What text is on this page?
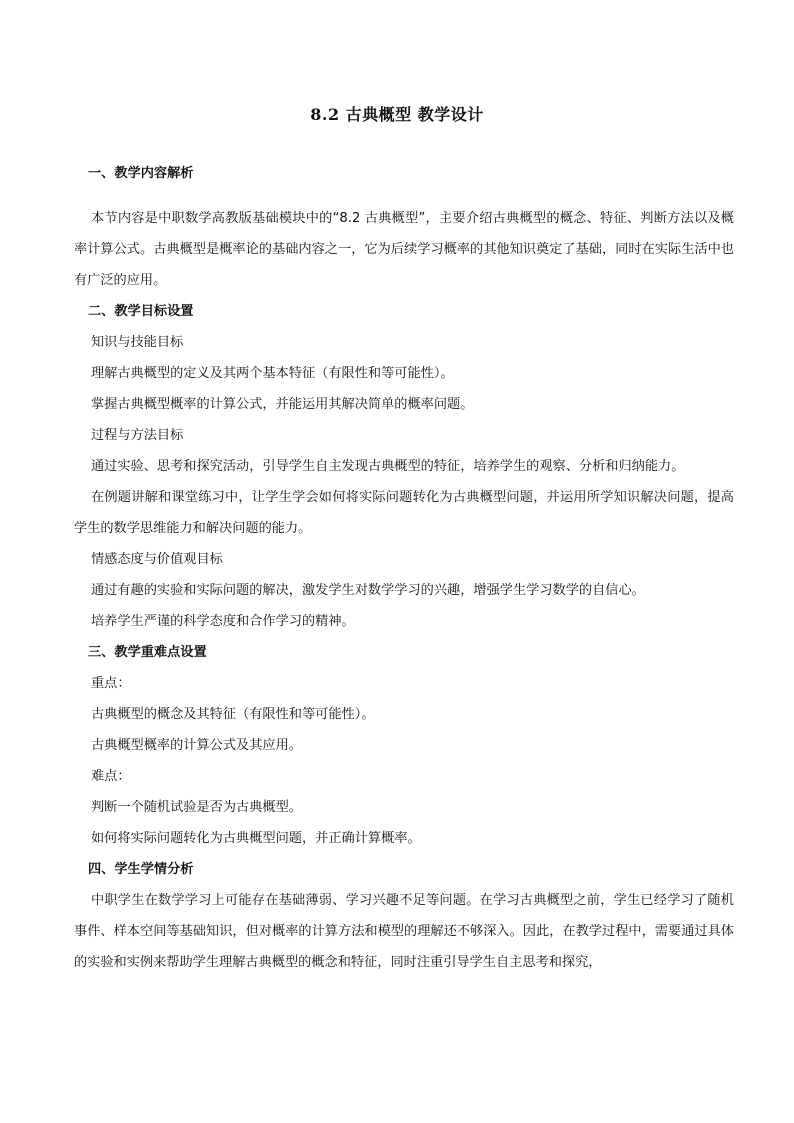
8.2 古典概型 教学设计
一、教学内容解析
本节内容是中职数学高教版基础模块中的“8.2 古典概型”，主要介绍古典概型的概念、特征、判断方法以及概率计算公式。古典概型是概率论的基础内容之一，它为后续学习概率的其他知识奠定了基础，同时在实际生活中也有广泛的应用。
二、教学目标设置
知识与技能目标
理解古典概型的定义及其两个基本特征（有限性和等可能性）。
掌握古典概型概率的计算公式，并能运用其解决简单的概率问题。
过程与方法目标
通过实验、思考和探究活动，引导学生自主发现古典概型的特征，培养学生的观察、分析和归纳能力。
在例题讲解和课堂练习中，让学生学会如何将实际问题转化为古典概型问题，并运用所学知识解决问题，提高学生的数学思维能力和解决问题的能力。
情感态度与价值观目标
通过有趣的实验和实际问题的解决，激发学生对数学学习的兴趣，增强学生学习数学的自信心。
培养学生严谨的科学态度和合作学习的精神。
三、教学重难点设置
重点：
古典概型的概念及其特征（有限性和等可能性）。
古典概型概率的计算公式及其应用。
难点：
判断一个随机试验是否为古典概型。
如何将实际问题转化为古典概型问题，并正确计算概率。
四、学生学情分析
中职学生在数学学习上可能存在基础薄弱、学习兴趣不足等问题。在学习古典概型之前，学生已经学习了随机事件、样本空间等基础知识，但对概率的计算方法和模型的理解还不够深入。因此，在教学过程中，需要通过具体的实验和实例来帮助学生理解古典概型的概念和特征，同时注重引导学生自主思考和探究，
